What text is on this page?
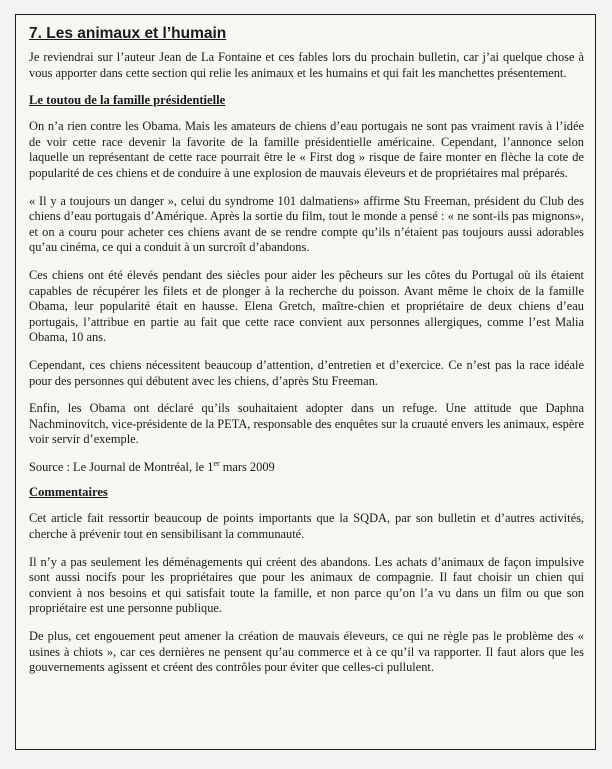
7. Les animaux et l’humain

Je reviendrai sur l’auteur Jean de La Fontaine et ces fables lors du prochain bulletin, car j’ai quelque chose à vous apporter dans cette section qui relie les animaux et les humains et qui fait les manchettes présentement.

Le toutou de la famille présidentielle

On n’a rien contre les Obama. Mais les amateurs de chiens d’eau portugais ne sont pas vraiment ravis à l’idée de voir cette race devenir la favorite de la famille présidentielle américaine. Cependant, l’annonce selon laquelle un représentant de cette race pourrait être le « First dog » risque de faire monter en flèche la cote de popularité de ces chiens et de conduire à une explosion de mauvais éleveurs et de propriétaires mal préparés.

« Il y a toujours un danger », celui du syndrome 101 dalmatiens» affirme Stu Freeman, président du Club des chiens d’eau portugais d’Amérique. Après la sortie du film, tout le monde a pensé : « ne sont-ils pas mignons», et on a couru pour acheter ces chiens avant de se rendre compte qu’ils n’étaient pas toujours aussi adorables qu’au cinéma, ce qui a conduit à un surcroît d’abandons.

Ces chiens ont été élevés pendant des siècles pour aider les pêcheurs sur les côtes du Portugal où ils étaient capables de récupérer les filets et de plonger à la recherche du poisson. Avant même le choix de la famille Obama, leur popularité était en hausse. Elena Gretch, maître-chien et propriétaire de deux chiens d’eau portugais, l’attribue en partie au fait que cette race convient aux personnes allergiques, comme l’est Malia Obama, 10 ans.

Cependant, ces chiens nécessitent beaucoup d’attention, d’entretien et d’exercice. Ce n’est pas la race idéale pour des personnes qui débutent avec les chiens, d’après Stu Freeman.

Enfin, les Obama ont déclaré qu’ils souhaitaient adopter dans un refuge. Une attitude que Daphna Nachminovitch, vice-présidente de la PETA, responsable des enquêtes sur la cruauté envers les animaux, espère voir servir d’exemple.

Source : Le Journal de Montréal, le 1er mars 2009

Commentaires

Cet article fait ressortir beaucoup de points importants que la SQDA, par son bulletin et d’autres activités, cherche à prévenir tout en sensibilisant la communauté.

Il n’y a pas seulement les déménagements qui créent des abandons. Les achats d’animaux de façon impulsive sont aussi nocifs pour les propriétaires que pour les animaux de compagnie. Il faut choisir un chien qui convient à nos besoins et qui satisfait toute la famille, et non parce qu’on l’a vu dans un film ou que son propriétaire est une personne publique.

De plus, cet engouement peut amener la création de mauvais éleveurs, ce qui ne règle pas le problème des « usines à chiots », car ces dernières ne pensent qu’au commerce et à ce qu’il va rapporter. Il faut alors que les gouvernements agissent et créent des contrôles pour éviter que celles-ci pullulent.
